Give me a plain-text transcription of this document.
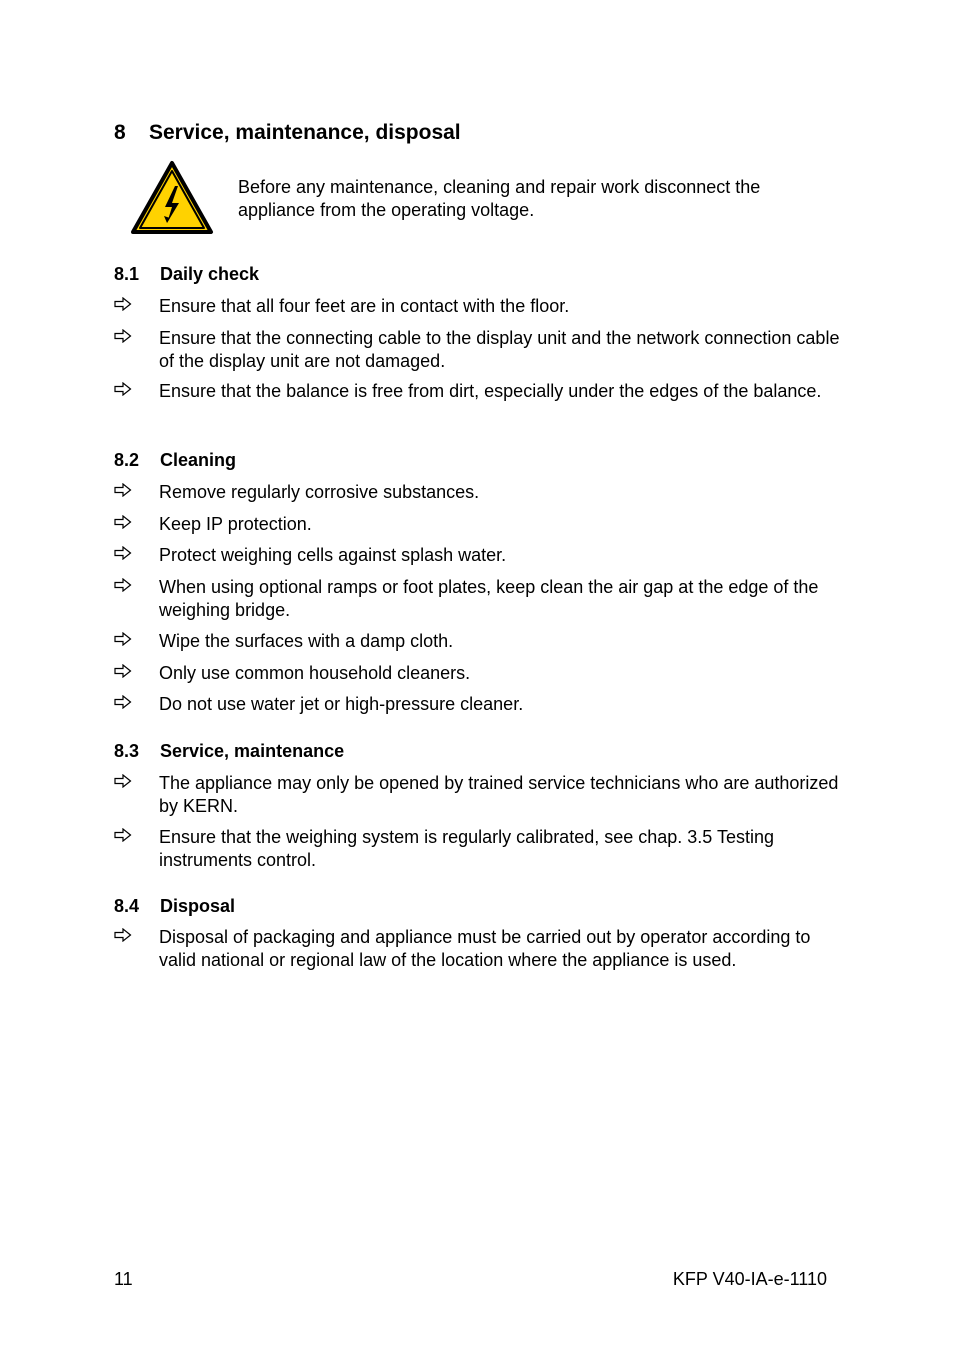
8 Service, maintenance, disposal
Before any maintenance, cleaning and repair work disconnect the appliance from the operating voltage.
8.1 Daily check
Ensure that all four feet are in contact with the floor.
Ensure that the connecting cable to the display unit and the network connection cable of the display unit are not damaged.
Ensure that the balance is free from dirt, especially under the edges of the balance.
8.2 Cleaning
Remove regularly corrosive substances.
Keep IP protection.
Protect weighing cells against splash water.
When using optional ramps or foot plates, keep clean the air gap at the edge of the weighing bridge.
Wipe the surfaces with a damp cloth.
Only use common household cleaners.
Do not use water jet or high-pressure cleaner.
8.3 Service, maintenance
The appliance may only be opened by trained service technicians who are authorized by KERN.
Ensure that the weighing system is regularly calibrated, see chap. 3.5 Testing instruments control.
8.4 Disposal
Disposal of packaging and appliance must be carried out by operator according to valid national or regional law of the location where the appliance is used.
11	KFP V40-IA-e-1110
